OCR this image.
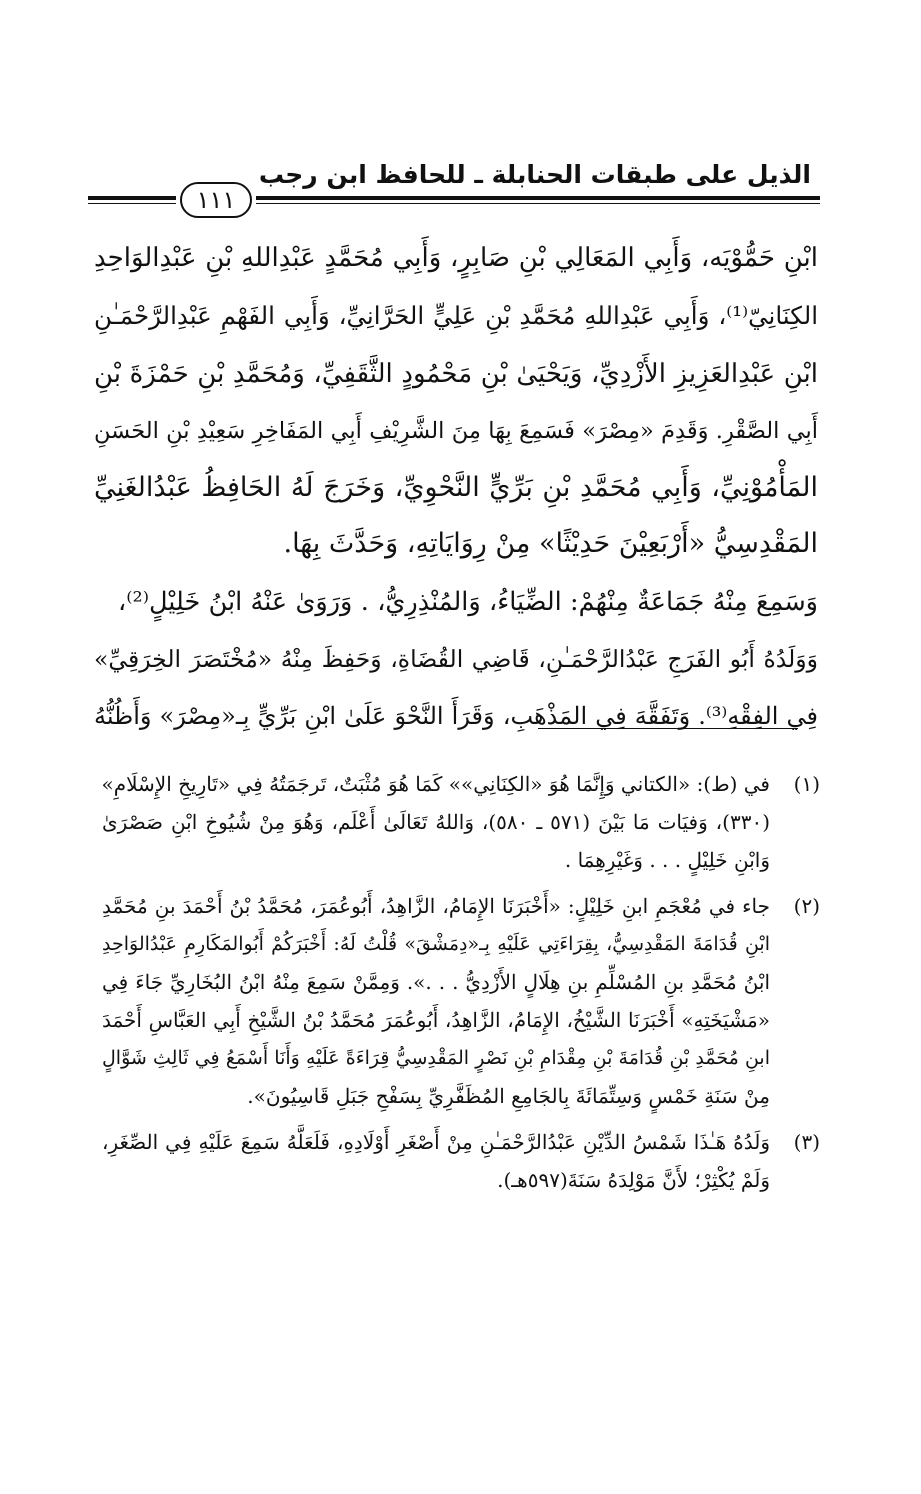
الذيل على طبقات الحنابلة ـ للحافظ ابن رجب
١١١
ابْنِ حَمُّوْيَه، وَأَبِي المَعَالِي بْنِ صَابِرٍ، وَأَبِي مُحَمَّدٍ عَبْدِاللهِ بْنِ عَبْدِالوَاحِدِ
الكِنَانِيّ⁽¹⁾، وَأَبِي عَبْدِاللهِ مُحَمَّدِ بْنِ عَلِيٍّ الحَرَّانِيِّ، وَأَبِي الفَهْمِ عَبْدِالرَّحْمَـٰنِ
ابْنِ عَبْدِالعَزِيزِ الأَزْدِيِّ، وَيَحْيَىٰ بْنِ مَحْمُودٍ الثَّقَفِيِّ، وَمُحَمَّدِ بْنِ حَمْزَةَ بْنِ
أَبِي الصَّقْرِ. وَقَدِمَ «مِصْرَ» فَسَمِعَ بِهَا مِنَ الشَّرِيْفِ أَبِي المَفَاخِرِ سَعِيْدِ بْنِ الحَسَنِ
المَأْمُوْنِيِّ، وَأَبِي مُحَمَّدِ بْنِ بَرِّيٍّ النَّحْوِيِّ، وَخَرَجَ لَهُ الحَافِظُ عَبْدُالغَنِيِّ
المَقْدِسِيُّ «أَرْبَعِيْنَ حَدِيْثًا» مِنْ رِوَايَاتِهِ، وَحَدَّثَ بِهَا.
وَسَمِعَ مِنْهُ جَمَاعَةٌ مِنْهُمْ: الضِّيَاءُ، وَالمُنْذِرِيُّ، . وَرَوَىٰ عَنْهُ ابْنُ خَلِيْلٍ⁽²⁾،
وَوَلَدُهُ أَبُو الفَرَجِ عَبْدُالرَّحْمَـٰنِ، قَاضِي القُضَاةِ، وَحَفِظَ مِنْهُ «مُخْتَصَرَ الخِرَقِيِّ»
فِي الفِقْهِ⁽³⁾. وَتَفَقَّهَ فِي المَذْهَبِ، وَقَرَأَ النَّحْوَ عَلَىٰ ابْنِ بَرِّيٍّ بِـ«مِصْرَ» وَأَظُنُّهُ
(١)
في (ط): «الكتاني وَإِنَّمَا هُوَ «الكِنَانِي»» كَمَا هُوَ مُثْبَتٌ، تَرجَمَتُهُ فِي «تَارِيخِ الإِسْلَامِ»
(٣٣٠)، وَفيَات مَا بَيْنَ (٥٧١ ـ ٥٨٠)، وَاللهُ تَعَالَىٰ أَعْلَم، وَهُوَ مِنْ شُيُوخِ ابْنِ صَصْرَىٰ
وَابْنِ خَلِيْلٍ . . . وَغَيْرِهِمَا .
(٢)
جاء في مُعْجَمِ ابنِ خَلِيْلٍ: «أَخْبَرَنَا الإِمَامُ، الزَّاهِدُ، أَبُوعُمَرَ، مُحَمَّدُ بْنُ أَحْمَدَ بنِ مُحَمَّدِ
ابْنِ قُدَامَةَ المَقْدِسِيُّ، بِقِرَاءَتِي عَلَيْهِ بِـ«دِمَشْقَ» قُلْتُ لَهُ: أَخْبَرَكُمْ أَبُوالمَكَارِمِ عَبْدُالوَاحِدِ
ابْنُ مُحَمَّدِ بنِ المُسْلِّمِ بنِ هِلَالٍ الأَزْدِيُّ . . .». وَمِمَّنْ سَمِعَ مِنْهُ ابْنُ البُخَارِيِّ جَاءَ فِي
«مَشْيَخَتِهِ» أَخْبَرَنَا الشَّيْخُ، الإِمَامُ، الزَّاهِدُ، أَبُوعُمَرَ مُحَمَّدُ بْنُ الشَّيْخِ أَبِي العَبَّاسِ أَحْمَدَ
ابنِ مُحَمَّدِ بْنِ قُدَامَةَ بْنِ مِقْدَامِ بْنِ نَصْرٍ المَقْدِسِيُّ قِرَاءَةً عَلَيْهِ وَأَنَا أَسْمَعُ فِي ثَالِثِ شَوَّالٍ
مِنْ سَنَةِ خَمْسٍ وَسِتِّمَائَةَ بِالجَامِعِ المُظَفَّرِيِّ بِسَفْحِ جَبَلِ قَاسِيُونَ».
(٣)
وَلَدُهُ هَـٰذَا شَمْسُ الدِّيْنِ عَبْدُالرَّحْمَـٰنِ مِنْ أَصْغَرِ أَوْلَادِهِ، فَلَعَلَّهُ سَمِعَ عَلَيْهِ فِي الصِّغَرِ،
وَلَمْ يُكْثِرْ؛ لأَنَّ مَوْلِدَهُ سَنَةَ(٥٩٧هـ).
